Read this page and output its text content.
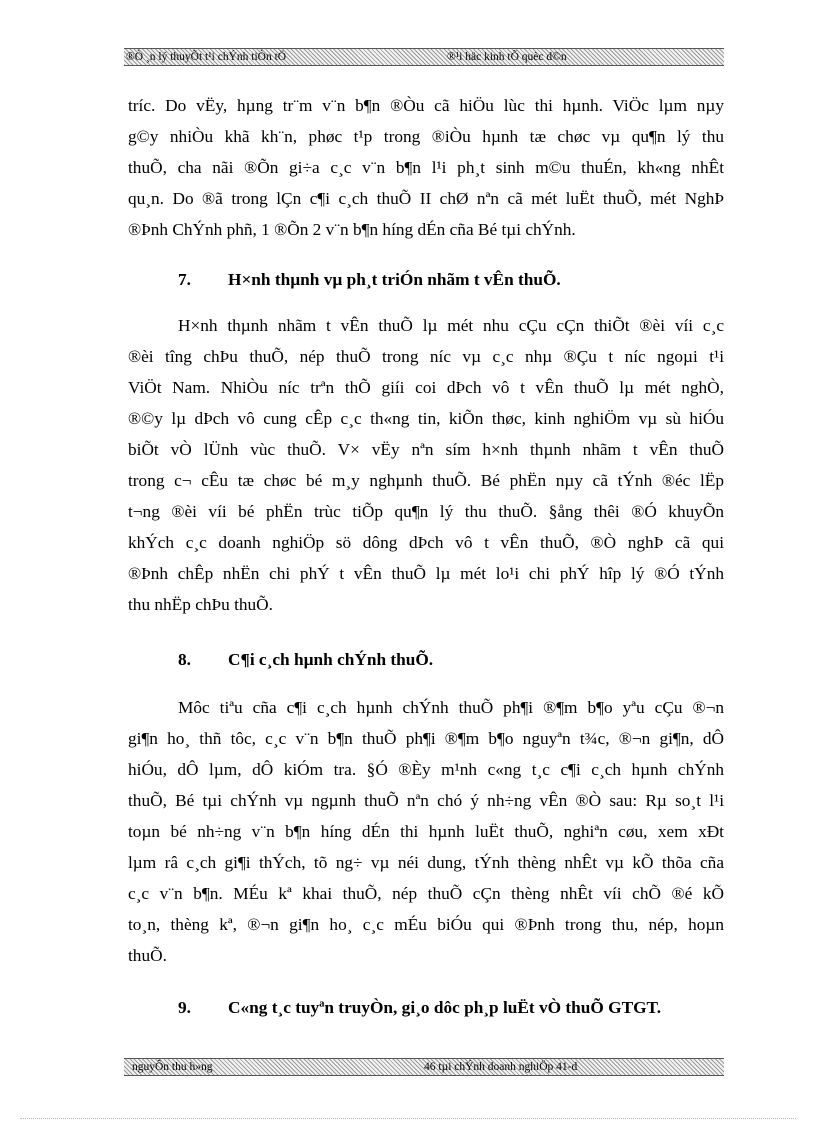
®Ò ¸n lý thuyÕt t¹i chÝnh tiÒn tÖ	®¹i häc kinh tÕ quèc d©n
tríc. Do vËy, hµng tr¨m v¨n b¶n ®Òu cã hiÖu lùc thi hµnh. ViÖc lµm nµy
g©y nhiÒu khã kh¨n, phøc t¹p trong ®iÒu hµnh tæ chøc vµ qu¶n lý thu
thuÕ, cha nãi ®Õn gi÷a c¸c v¨n b¶n l¹i ph¸t sinh m©u thuÉn, kh«ng nhÊt
qu¸n. Do ®ã trong lÇn c¶i c¸ch thuÕ II chØ nªn cã mét luËt thuÕ, mét NghÞ
®Þnh ChÝnh phñ, 1 ®Õn 2 v¨n b¶n híng dÉn cña Bé tµi chÝnh.
7. H×nh thµnh vµ ph¸t triÓn nhãm t vÊn thuÕ.
H×nh thµnh nhãm t vÊn thuÕ lµ mét nhu cÇu cÇn thiÕt ®èi víi c¸c
®èi tîng chÞu thuÕ, nép thuÕ trong níc vµ c¸c nhµ ®Çu t níc ngoµi t¹i
ViÖt Nam. NhiÒu níc trªn thÕ giíi coi dÞch vô t vÊn thuÕ lµ mét nghÒ,
®©y lµ dÞch vô cung cÊp c¸c th«ng tin, kiÕn thøc, kinh nghiÖm vµ sù hiÓu
biÕt vÒ lÜnh vùc thuÕ. V× vËy nªn sím h×nh thµnh nhãm t vÊn thuÕ
trong c¬ cÊu tæ chøc bé m¸y nghµnh thuÕ. Bé phËn nµy cã tÝnh ®éc lËp
t¬ng ®èi víi bé phËn trùc tiÕp qu¶n lý thu thuÕ. §ång thêi ®Ó khuyÕn
khÝch c¸c doanh nghiÖp sö dông dÞch vô t vÊn thuÕ, ®Ò nghÞ cã qui
®Þnh chÊp nhËn chi phÝ t vÊn thuÕ lµ mét lo¹i chi phÝ hîp lý ®Ó tÝnh
thu nhËp chÞu thuÕ.
8. C¶i c¸ch hµnh chÝnh thuÕ.
Môc tiªu cña c¶i c¸ch hµnh chÝnh thuÕ ph¶i ®¶m b¶o yªu cÇu ®¬n
gi¶n ho¸ thñ tôc, c¸c v¨n b¶n thuÕ ph¶i ®¶m b¶o nguyªn t¾c, ®¬n gi¶n, dÔ
hiÓu, dÔ lµm, dÔ kiÓm tra. §Ó ®Èy m¹nh c«ng t¸c c¶i c¸ch hµnh chÝnh
thuÕ, Bé tµi chÝnh vµ ngµnh thuÕ nªn chó ý nh÷ng vÊn ®Ò sau: Rµ so¸t l¹i
toµn bé nh÷ng v¨n b¶n híng dÉn thi hµnh luËt thuÕ, nghiªn cøu, xem xÐt
lµm râ c¸ch gi¶i thÝch, tõ ng÷ vµ néi dung, tÝnh thèng nhÊt vµ kÕ thõa cña
c¸c v¨n b¶n. MÉu kª khai thuÕ, nép thuÕ cÇn thèng nhÊt víi chÕ ®é kÕ
to¸n, thèng kª, ®¬n gi¶n ho¸ c¸c mÉu biÓu qui ®Þnh trong thu, nép, hoµn
thuÕ.
9. C«ng t¸c tuyªn truyÒn, gi¸o dôc ph¸p luËt vÒ thuÕ GTGT.
nguyÔn thu h»ng	46 tµi chÝnh doanh nghiÖp 41-d
